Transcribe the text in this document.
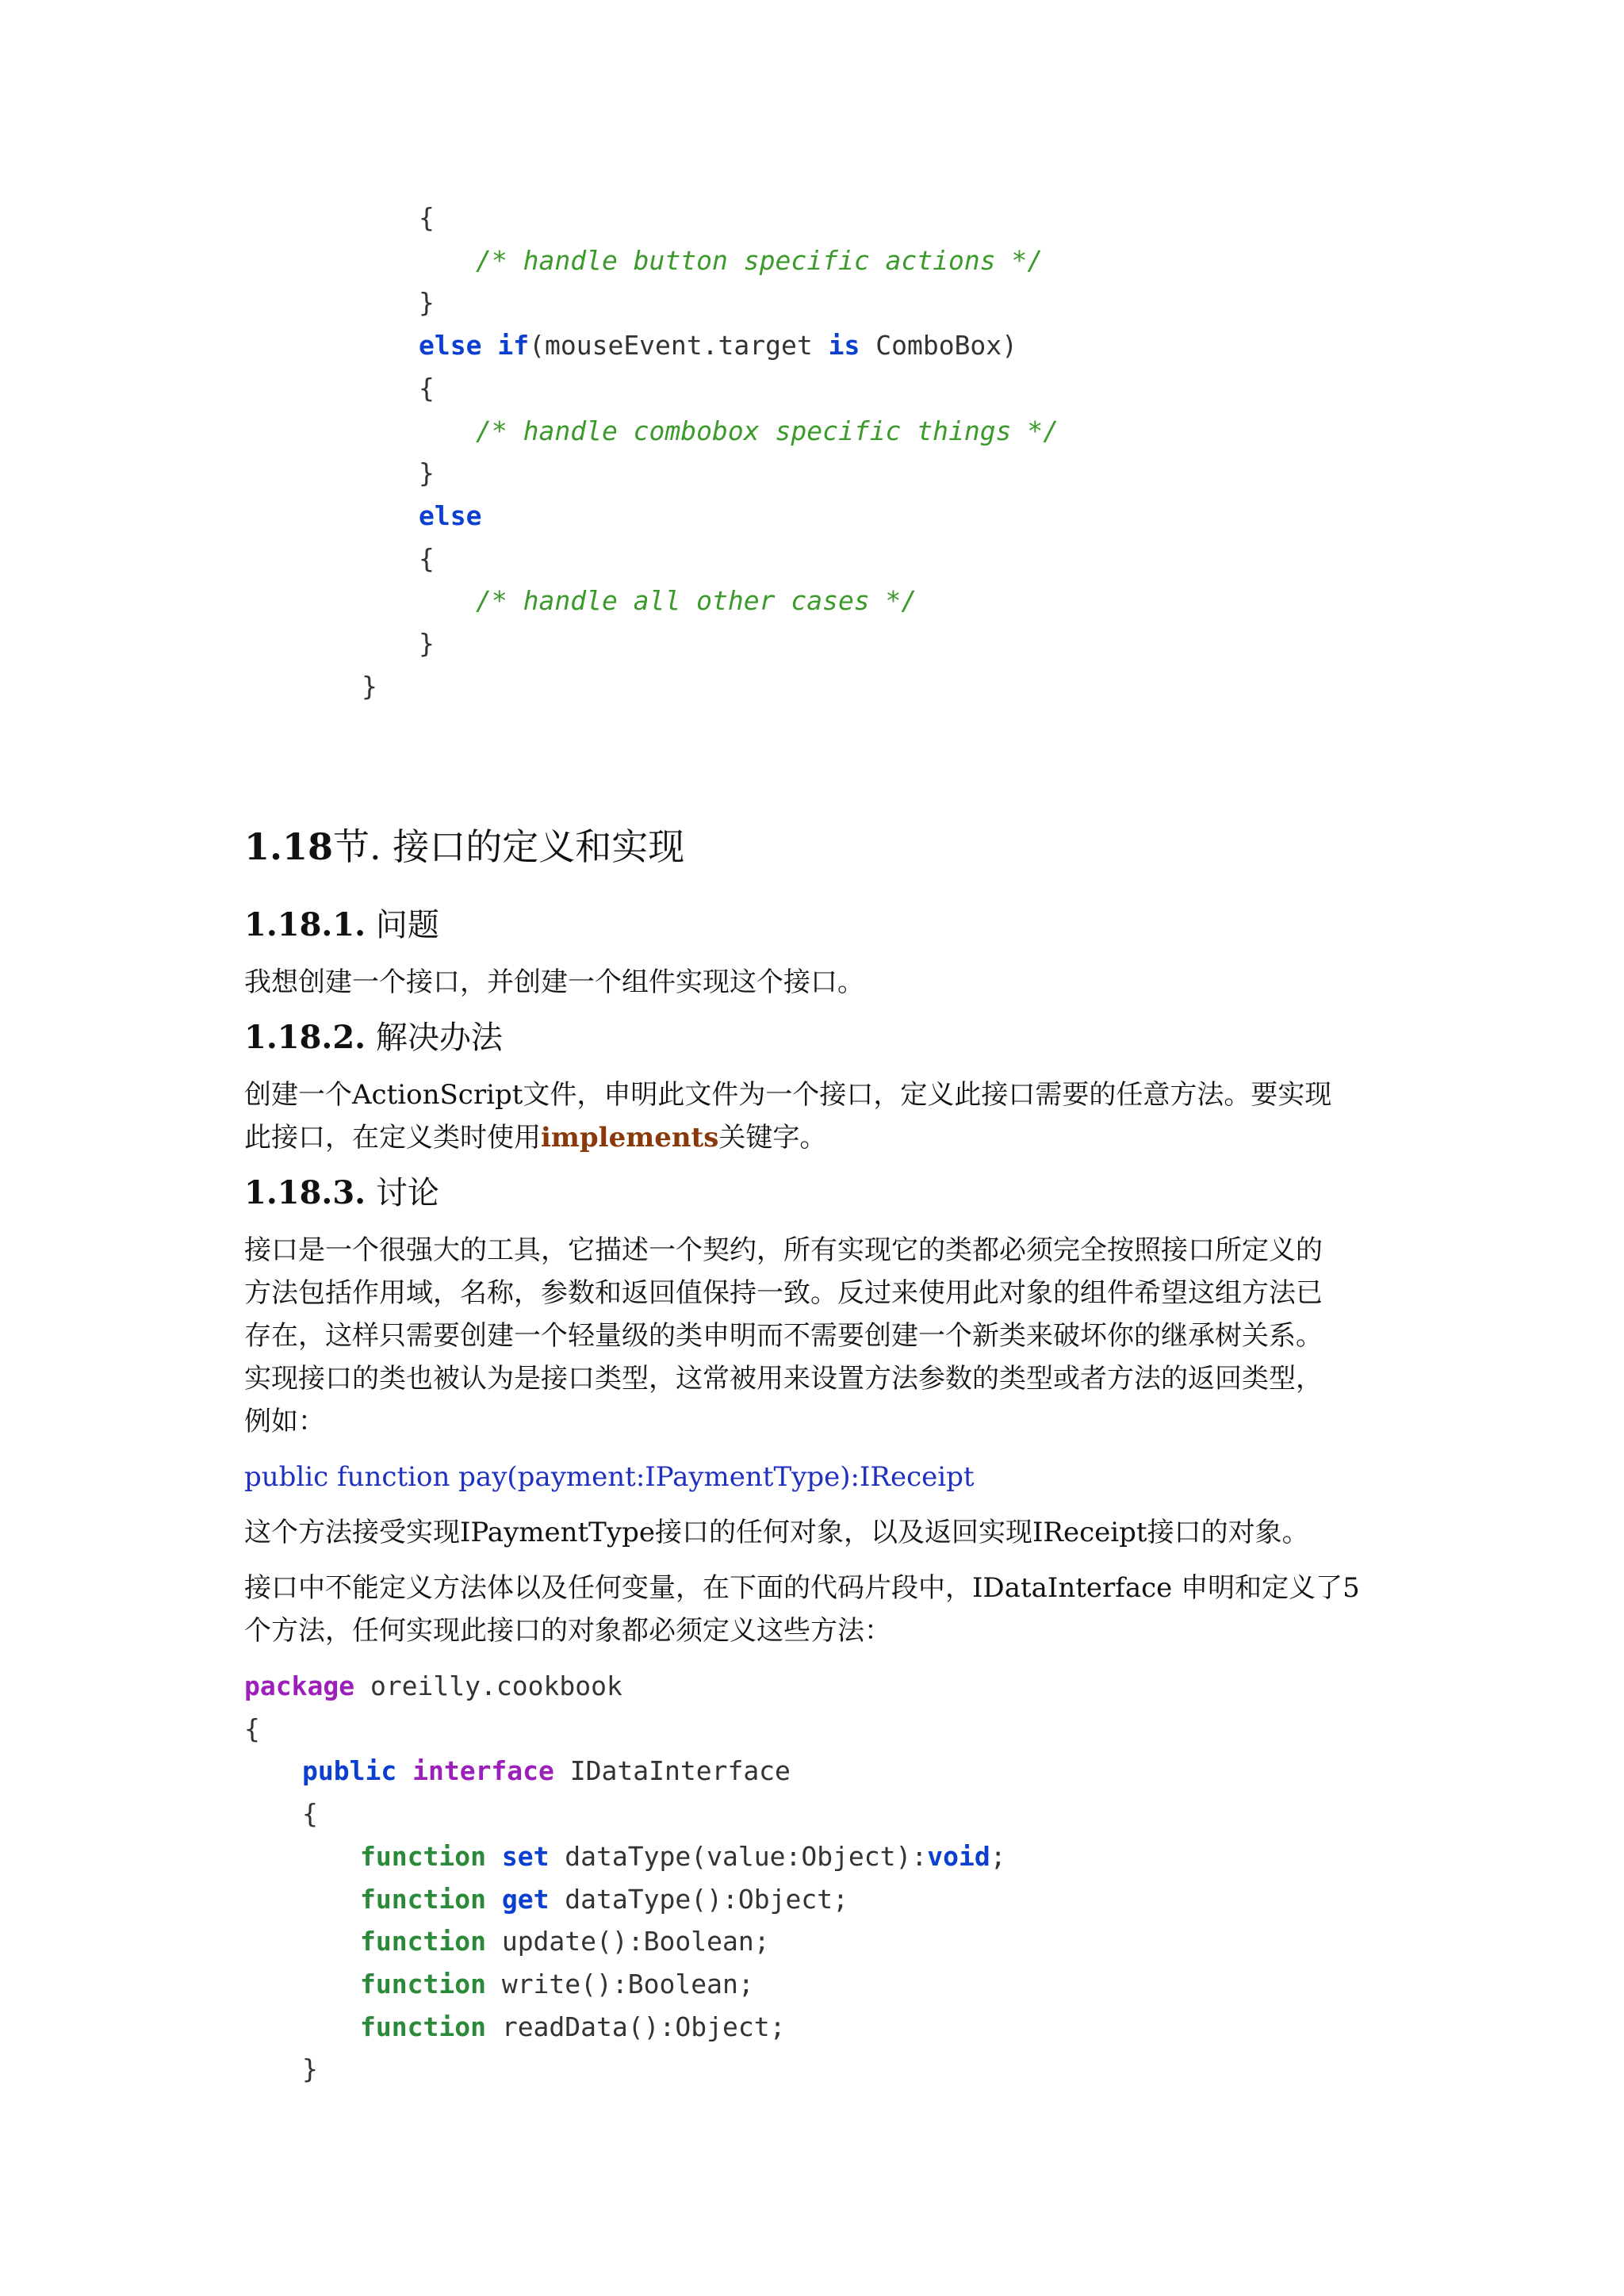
{
/* handle button specific actions */
}
else if(mouseEvent.target is ComboBox)
{
/* handle combobox specific things */
}
else
{
/* handle all other cases */
}
}
1.18节. 接口的定义和实现
1.18.1. 问题
我想创建一个接口，并创建一个组件实现这个接口。
1.18.2. 解决办法
创建一个ActionScript文件，申明此文件为一个接口，定义此接口需要的任意方法。要实现
此接口，在定义类时使用implements关键字。
1.18.3. 讨论
接口是一个很强大的工具，它描述一个契约，所有实现它的类都必须完全按照接口所定义的
方法包括作用域，名称，参数和返回值保持一致。反过来使用此对象的组件希望这组方法已
存在，这样只需要创建一个轻量级的类申明而不需要创建一个新类来破坏你的继承树关系。
实现接口的类也被认为是接口类型，这常被用来设置方法参数的类型或者方法的返回类型，
例如：
public function pay(payment:IPaymentType):IReceipt
这个方法接受实现IPaymentType接口的任何对象，以及返回实现IReceipt接口的对象。
接口中不能定义方法体以及任何变量，在下面的代码片段中，IDataInterface 申明和定义了5
个方法，任何实现此接口的对象都必须定义这些方法：
package oreilly.cookbook
{
public interface IDataInterface
{
function set dataType(value:Object):void;
function get dataType():Object;
function update():Boolean;
function write():Boolean;
function readData():Object;
}
